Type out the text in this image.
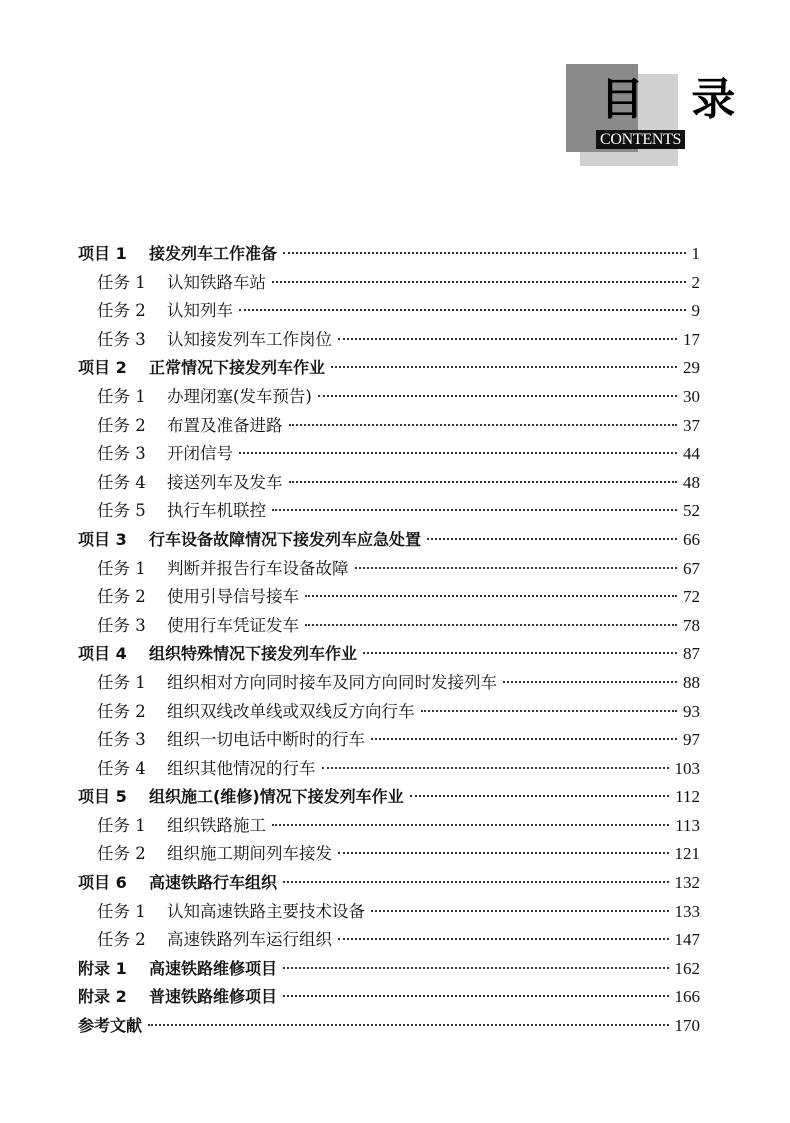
目 录
CONTENTS
项目 1	接发列车工作准备	1
任务 1	认知铁路车站	2
任务 2	认知列车	9
任务 3	认知接发列车工作岗位	17
项目 2	正常情况下接发列车作业	29
任务 1	办理闭塞(发车预告)	30
任务 2	布置及准备进路	37
任务 3	开闭信号	44
任务 4	接送列车及发车	48
任务 5	执行车机联控	52
项目 3	行车设备故障情况下接发列车应急处置	66
任务 1	判断并报告行车设备故障	67
任务 2	使用引导信号接车	72
任务 3	使用行车凭证发车	78
项目 4	组织特殊情况下接发列车作业	87
任务 1	组织相对方向同时接车及同方向同时发接列车	88
任务 2	组织双线改单线或双线反方向行车	93
任务 3	组织一切电话中断时的行车	97
任务 4	组织其他情况的行车	103
项目 5	组织施工(维修)情况下接发列车作业	112
任务 1	组织铁路施工	113
任务 2	组织施工期间列车接发	121
项目 6	高速铁路行车组织	132
任务 1	认知高速铁路主要技术设备	133
任务 2	高速铁路列车运行组织	147
附录 1	高速铁路维修项目	162
附录 2	普速铁路维修项目	166
参考文献	170
